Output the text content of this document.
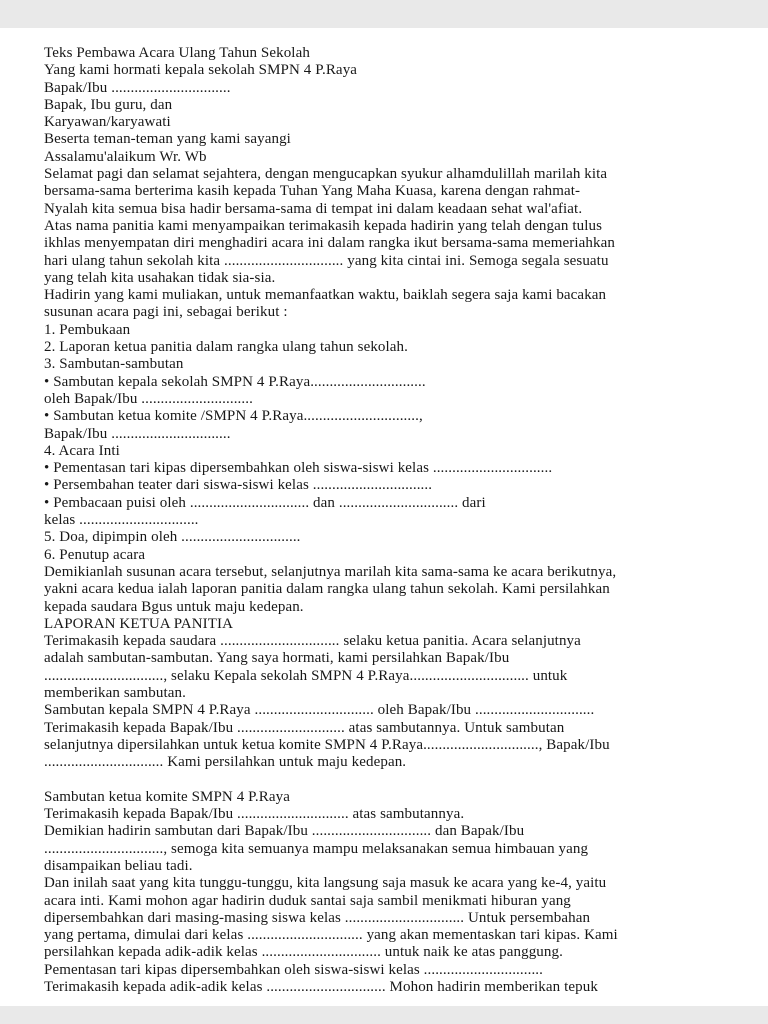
Teks Pembawa Acara Ulang Tahun Sekolah
Yang kami hormati kepala sekolah SMPN 4 P.Raya
Bapak/Ibu ...............................
Bapak, Ibu guru, dan
Karyawan/karyawati
Beserta teman-teman yang kami sayangi
Assalamu'alaikum Wr. Wb
Selamat pagi dan selamat sejahtera, dengan mengucapkan syukur alhamdulillah marilah kita
bersama-sama berterima kasih kepada Tuhan Yang Maha Kuasa, karena dengan rahmat-
Nyalah kita semua bisa hadir bersama-sama di tempat ini dalam keadaan sehat wal'afiat.
Atas nama panitia kami menyampaikan terimakasih kepada hadirin yang telah dengan tulus
ikhlas menyempatan diri menghadiri acara ini dalam rangka ikut bersama-sama memeriahkan
hari ulang tahun sekolah kita ............................... yang kita cintai ini. Semoga segala sesuatu
yang telah kita usahakan tidak sia-sia.
Hadirin yang kami muliakan, untuk memanfaatkan waktu, baiklah segera saja kami bacakan
susunan acara pagi ini, sebagai berikut :
1. Pembukaan
2. Laporan ketua panitia dalam rangka ulang tahun sekolah.
3. Sambutan-sambutan
• Sambutan kepala sekolah SMPN 4 P.Raya..............................
oleh Bapak/Ibu .............................
• Sambutan ketua komite /SMPN 4 P.Raya..............................,
Bapak/Ibu ...............................
4. Acara Inti
• Pementasan tari kipas dipersembahkan oleh siswa-siswi kelas ...............................
• Persembahan teater dari siswa-siswi kelas ...............................
• Pembacaan puisi oleh ............................... dan ............................... dari
kelas ...............................
5. Doa, dipimpin oleh ...............................
6. Penutup acara
Demikianlah susunan acara tersebut, selanjutnya marilah kita sama-sama ke acara berikutnya,
yakni acara kedua ialah laporan panitia dalam rangka ulang tahun sekolah. Kami persilahkan
kepada saudara Bgus untuk maju kedepan.
LAPORAN KETUA PANITIA
Terimakasih kepada saudara ............................... selaku ketua panitia. Acara selanjutnya
adalah sambutan-sambutan. Yang saya hormati, kami persilahkan Bapak/Ibu
..............................., selaku Kepala sekolah SMPN 4 P.Raya............................... untuk
memberikan sambutan.
Sambutan kepala SMPN 4 P.Raya ............................... oleh Bapak/Ibu ...............................
Terimakasih kepada Bapak/Ibu ............................ atas sambutannya. Untuk sambutan
selanjutnya dipersilahkan untuk ketua komite SMPN 4 P.Raya.............................., Bapak/Ibu
............................... Kami persilahkan untuk maju kedepan.

Sambutan ketua komite SMPN 4 P.Raya
Terimakasih kepada Bapak/Ibu ............................. atas sambutannya.
Demikian hadirin sambutan dari Bapak/Ibu ............................... dan Bapak/Ibu
..............................., semoga kita semuanya mampu melaksanakan semua himbauan yang
disampaikan beliau tadi.
Dan inilah saat yang kita tunggu-tunggu, kita langsung saja masuk ke acara yang ke-4, yaitu
acara inti. Kami mohon agar hadirin duduk santai saja sambil menikmati hiburan yang
dipersembahkan dari masing-masing siswa kelas ............................... Untuk persembahan
yang pertama, dimulai dari kelas .............................. yang akan mementaskan tari kipas. Kami
persilahkan kepada adik-adik kelas ............................... untuk naik ke atas panggung.
Pementasan tari kipas dipersembahkan oleh siswa-siswi kelas ...............................
Terimakasih kepada adik-adik kelas ............................... Mohon hadirin memberikan tepuk
